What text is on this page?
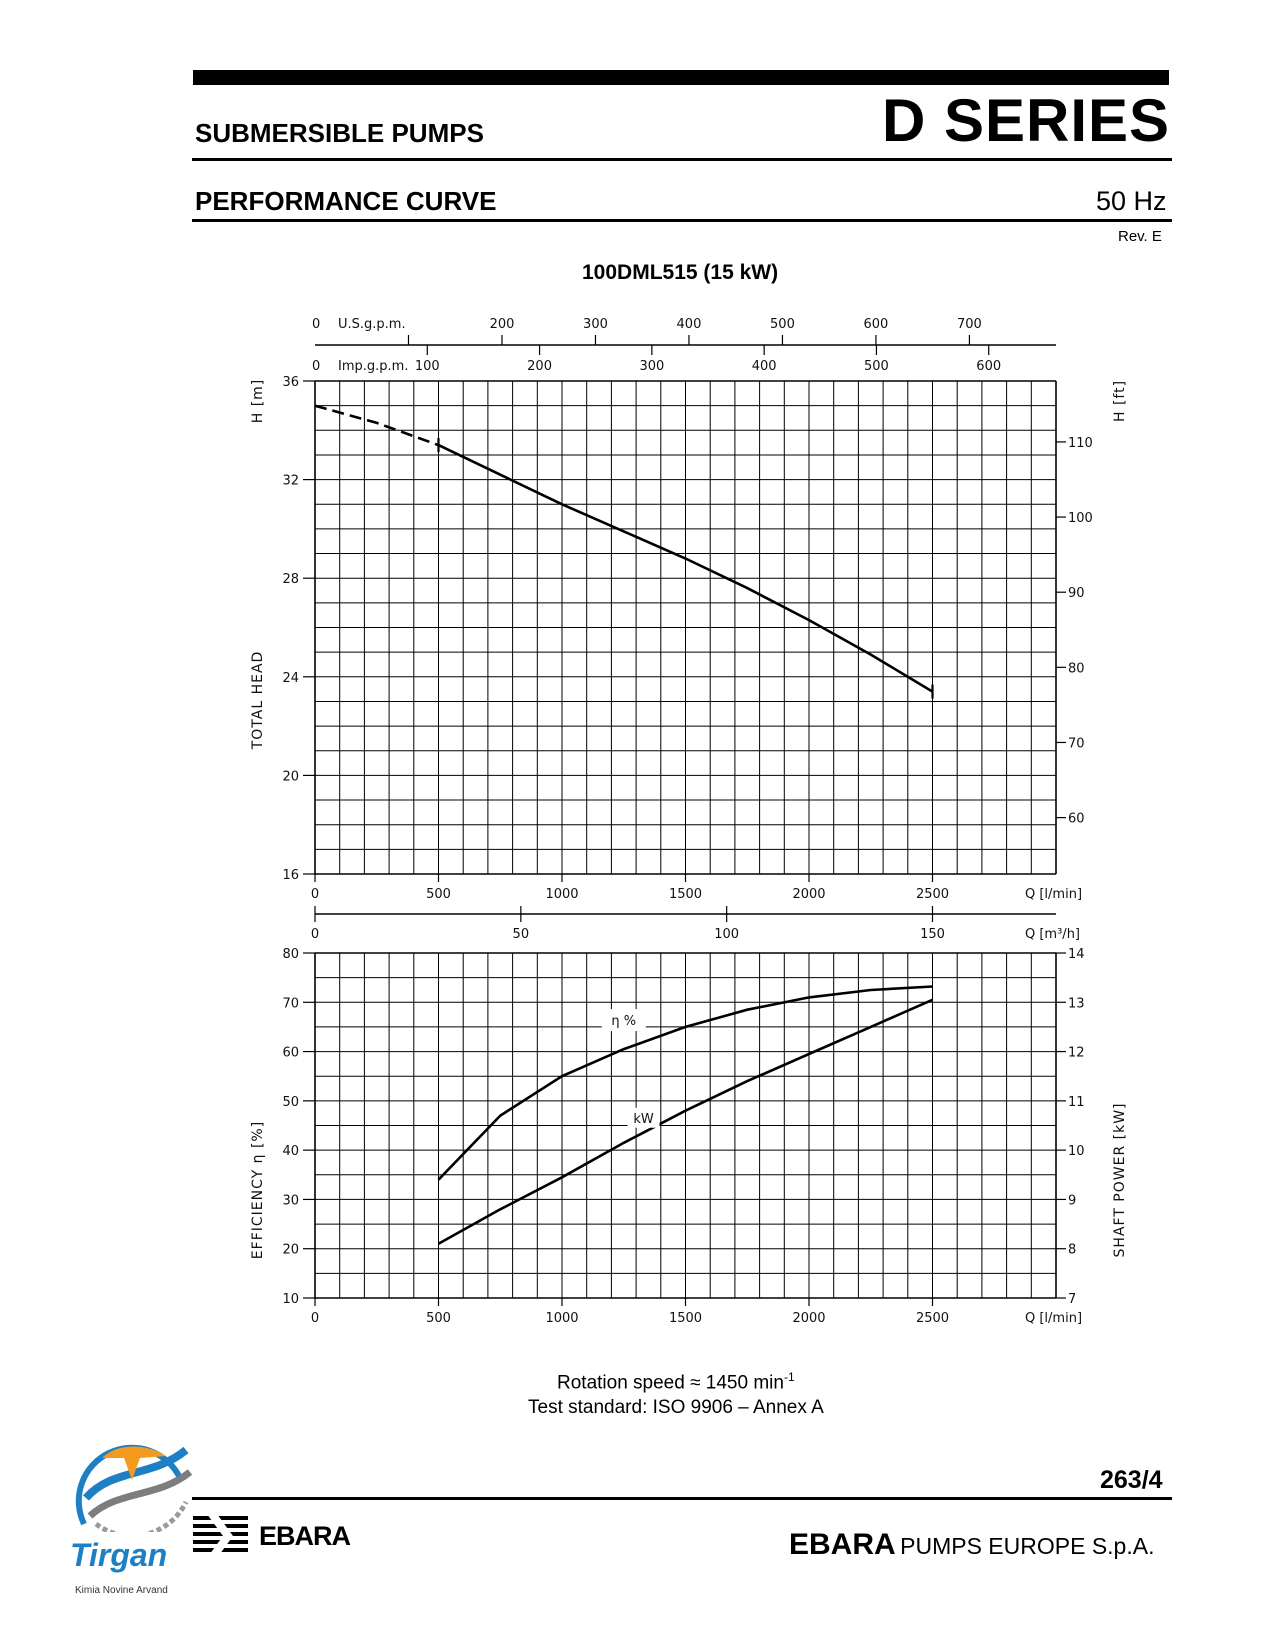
SUBMERSIBLE PUMPS	D SERIES
PERFORMANCE CURVE	50 Hz
Rev. E
100DML515 (15 kW)
0	200	300	400	500	600	700
U.S.g.p.m.
0	100	200	300	400	500	600
Imp.g.p.m.
16
20
24
28
32
36
60
70
80
90
100
110
TOTAL HEAD
H [m]	H [ft]
0	500	1000	1500	2000	2500	Q [l/min]
0	50	100	150	Q [m³/h]
10
20
30
40
50
60
70
80
7
8
9
10
11
12
13
14
EFFICIENCY η [%]	SHAFT POWER [kW]
0	500	1000	1500	2000	2500	Q [l/min]
η %
kW
Rotation speed ≈ 1450 $\min^{-1}$
Test standard: ISO 9906 – Annex A
263/4
EBARA	EBARA PUMPS EUROPE S.p.A.
Tirgan
Kimia Novine Arvand
